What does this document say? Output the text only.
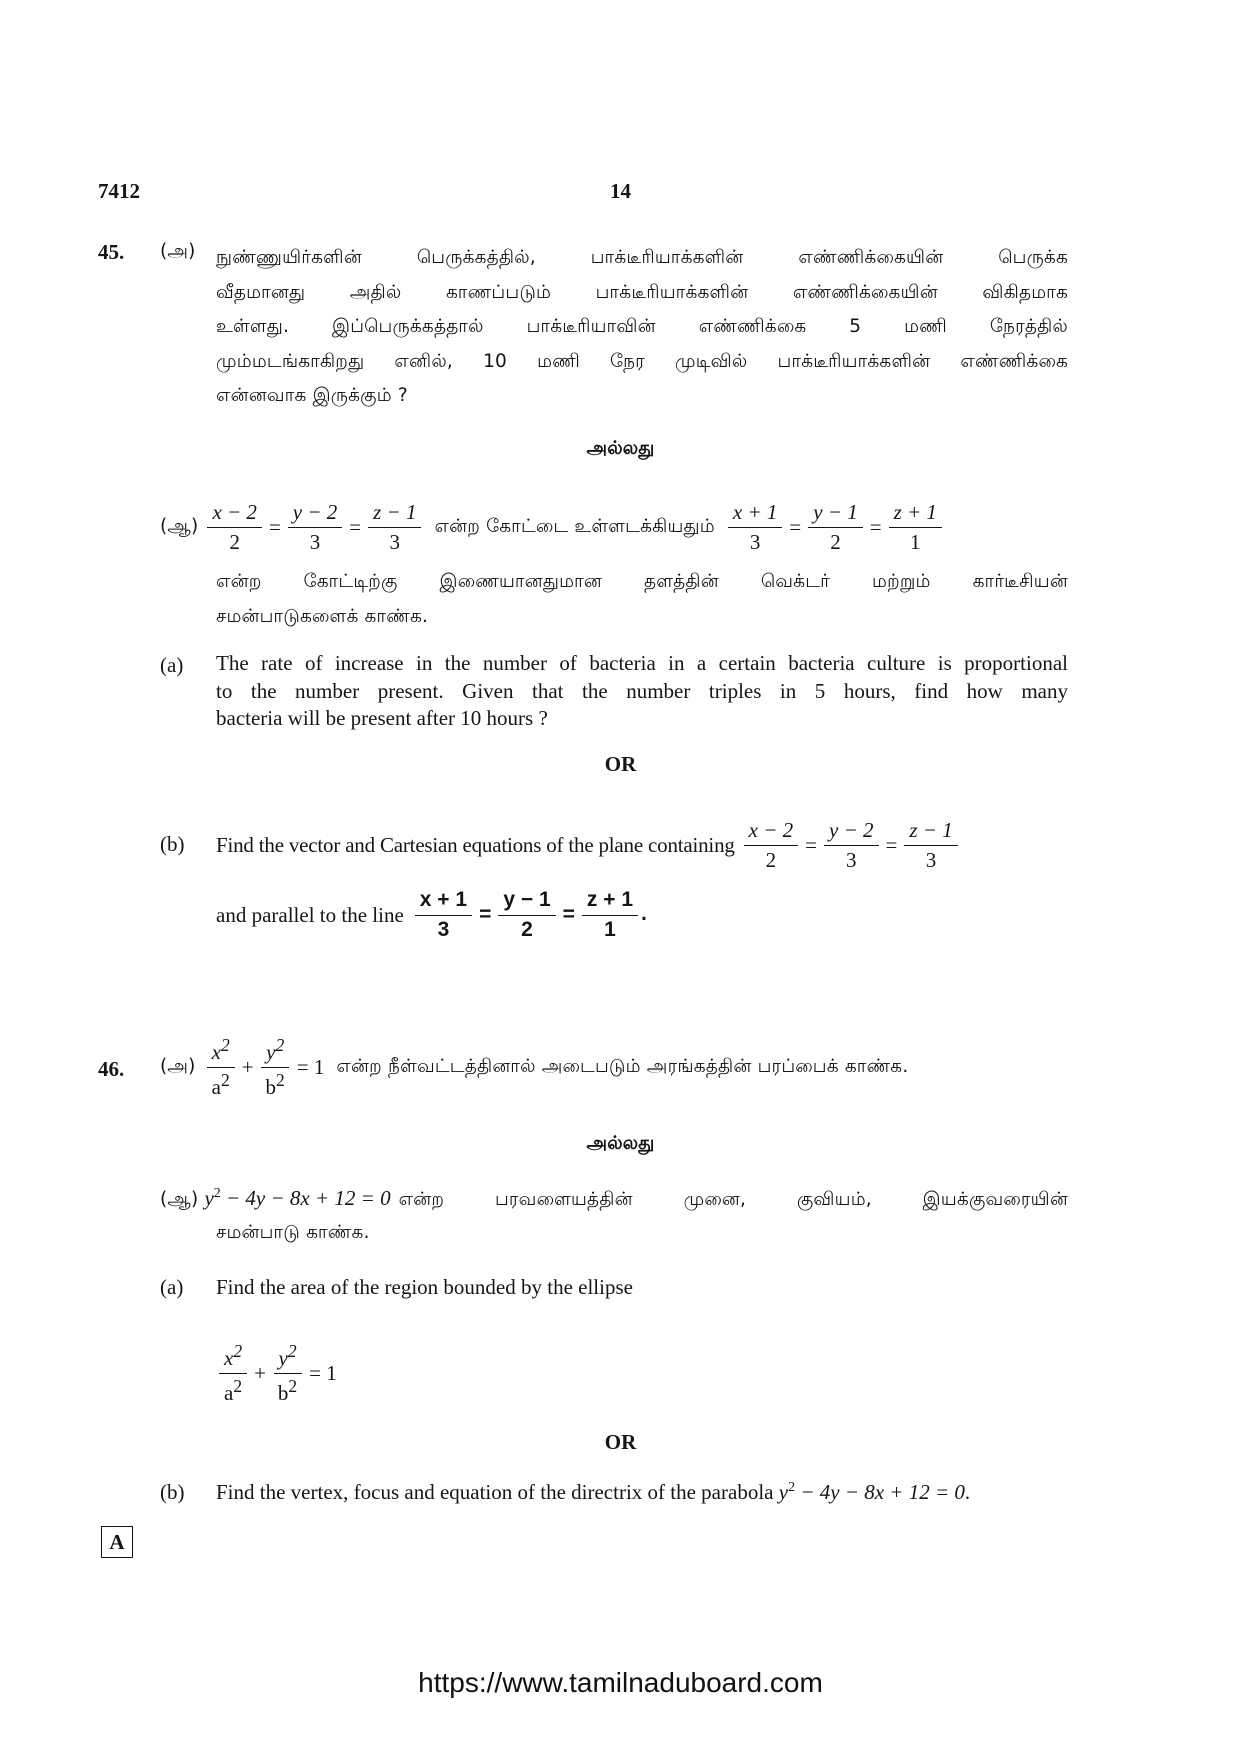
7412	14
45. (அ) நுண்ணுயிர்களின் பெருக்கத்தில், பாக்டீரியாக்களின் எண்ணிக்கையின் பெருக்க
வீதமானது அதில் காணப்படும் பாக்டீரியாக்களின் எண்ணிக்கையின் விகிதமாக
உள்ளது. இப்பெருக்கத்தால் பாக்டீரியாவின் எண்ணிக்கை 5 மணி நேரத்தில்
மும்மடங்காகிறது எனில், 10 மணி நேர முடிவில் பாக்டீரியாக்களின் எண்ணிக்கை
என்னவாக இருக்கும் ?
அல்லது
(ஆ) $\frac{x - 2}{2} = \frac{y - 2}{3} = \frac{z - 1}{3}$ என்ற கோட்டை உள்ளடக்கியதும் $\frac{x + 1}{3} = \frac{y - 1}{2} = \frac{z + 1}{1}$
என்ற கோட்டிற்கு இணையானதுமான தளத்தின் வெக்டர் மற்றும் கார்டீசியன்
சமன்பாடுகளைக் காண்க.
(a) The rate of increase in the number of bacteria in a certain bacteria culture is proportional
to the number present. Given that the number triples in 5 hours, find how many
bacteria will be present after 10 hours ?
OR
(b) Find the vector and Cartesian equations of the plane containing $\frac{x - 2}{2} = \frac{y - 2}{3} = \frac{z - 1}{3}$
and parallel to the line $\frac{x + 1}{3} = \frac{y - 1}{2} = \frac{z + 1}{1}$ .
46. (அ) $\frac{x^2}{a^2} + \frac{y^2}{b^2} = 1$ என்ற நீள்வட்டத்தினால் அடைபடும் அரங்கத்தின் பரப்பைக் காண்க.
அல்லது
(ஆ) $y^2 - 4y - 8x + 12 = 0$ என்ற பரவளையத்தின் முனை, குவியம், இயக்குவரையின்
சமன்பாடு காண்க.
(a) Find the area of the region bounded by the ellipse
$\frac{x^2}{a^2} + \frac{y^2}{b^2} = 1$
OR
(b) Find the vertex, focus and equation of the directrix of the parabola $y^2 - 4y - 8x + 12 = 0$.
A
https://www.tamilnaduboard.com
